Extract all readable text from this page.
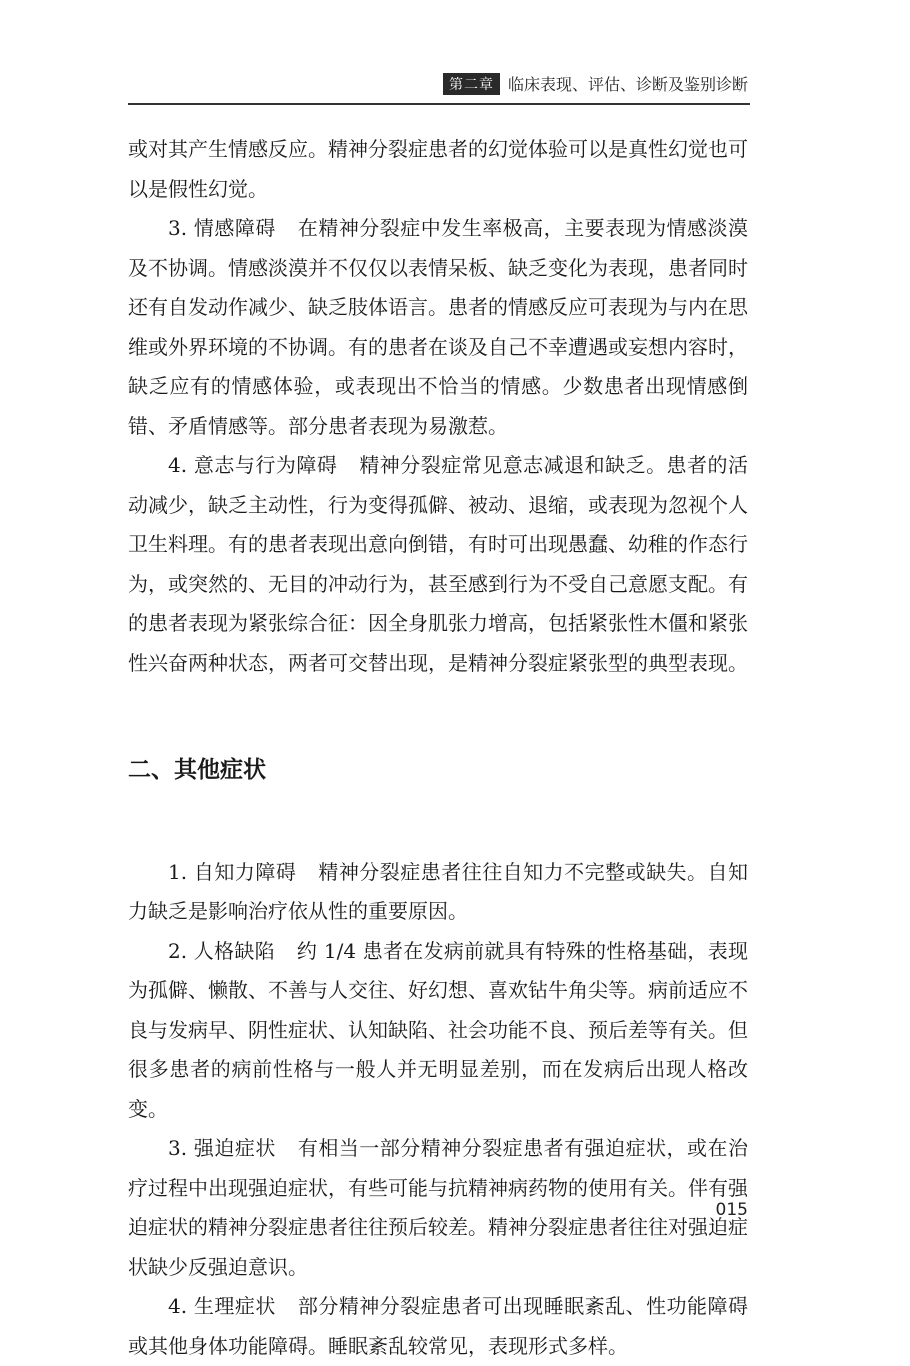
第二章 临床表现、评估、诊断及鉴别诊断

或对其产生情感反应。精神分裂症患者的幻觉体验可以是真性幻觉也可以是假性幻觉。

3. 情感障碍 在精神分裂症中发生率极高，主要表现为情感淡漠及不协调。情感淡漠并不仅仅以表情呆板、缺乏变化为表现，患者同时还有自发动作减少、缺乏肢体语言。患者的情感反应可表现为与内在思维或外界环境的不协调。有的患者在谈及自己不幸遭遇或妄想内容时，缺乏应有的情感体验，或表现出不恰当的情感。少数患者出现情感倒错、矛盾情感等。部分患者表现为易激惹。

4. 意志与行为障碍 精神分裂症常见意志减退和缺乏。患者的活动减少，缺乏主动性，行为变得孤僻、被动、退缩，或表现为忽视个人卫生料理。有的患者表现出意向倒错，有时可出现愚蠢、幼稚的作态行为，或突然的、无目的冲动行为，甚至感到行为不受自己意愿支配。有的患者表现为紧张综合征：因全身肌张力增高，包括紧张性木僵和紧张性兴奋两种状态，两者可交替出现，是精神分裂症紧张型的典型表现。

二、其他症状

1. 自知力障碍 精神分裂症患者往往自知力不完整或缺失。自知力缺乏是影响治疗依从性的重要原因。

2. 人格缺陷 约 1/4 患者在发病前就具有特殊的性格基础，表现为孤僻、懒散、不善与人交往、好幻想、喜欢钻牛角尖等。病前适应不良与发病早、阴性症状、认知缺陷、社会功能不良、预后差等有关。但很多患者的病前性格与一般人并无明显差别，而在发病后出现人格改变。

3. 强迫症状 有相当一部分精神分裂症患者有强迫症状，或在治疗过程中出现强迫症状，有些可能与抗精神病药物的使用有关。伴有强迫症状的精神分裂症患者往往预后较差。精神分裂症患者往往对强迫症状缺少反强迫意识。

4. 生理症状 部分精神分裂症患者可出现睡眠紊乱、性功能障碍或其他身体功能障碍。睡眠紊乱较常见，表现形式多样。

015
